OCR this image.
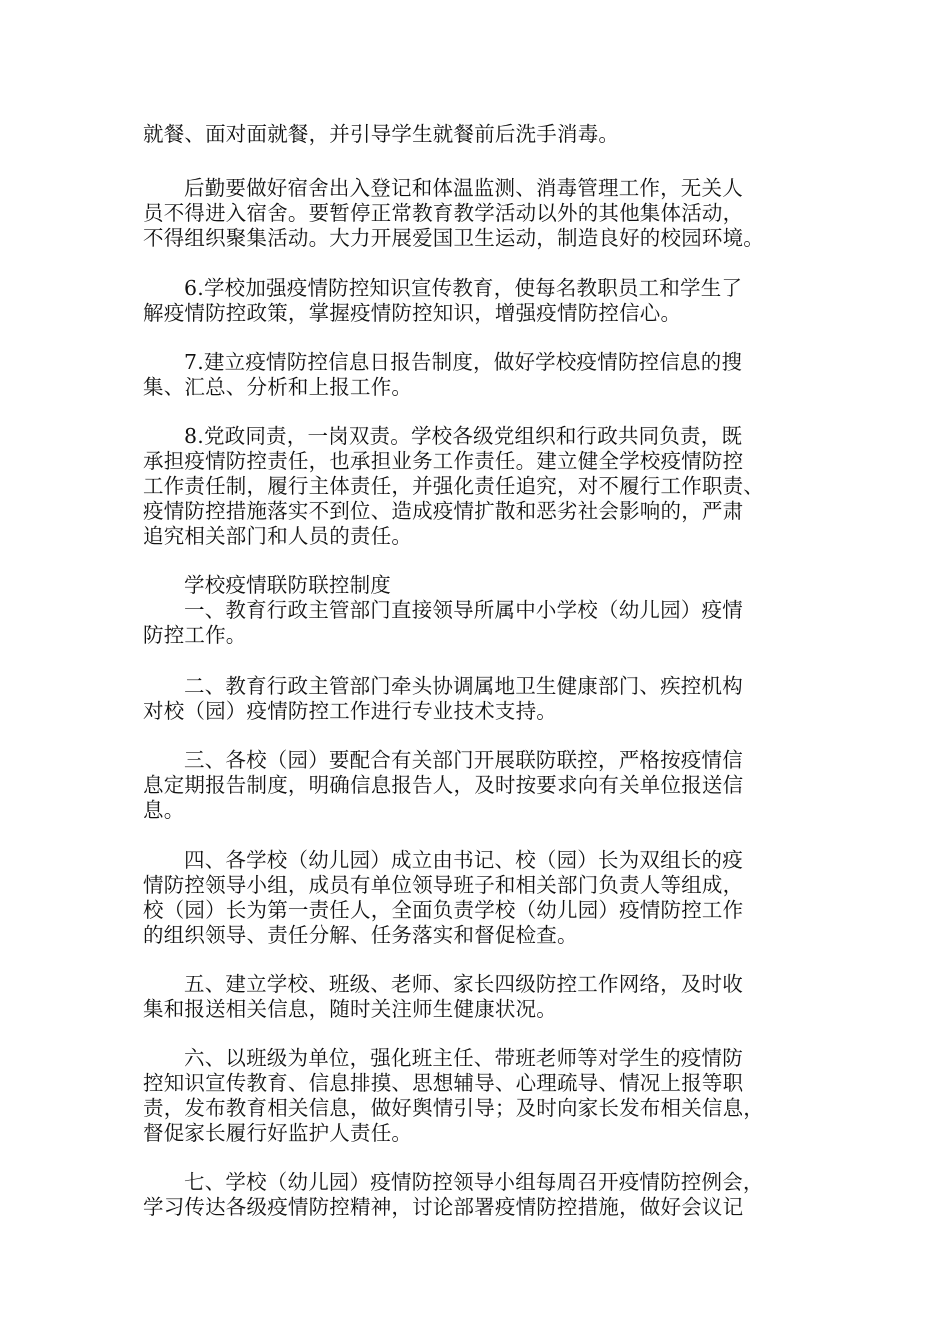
就餐、面对面就餐，并引导学生就餐前后洗手消毒。
后勤要做好宿舍出入登记和体温监测、消毒管理工作，无关人
员不得进入宿舍。要暂停正常教育教学活动以外的其他集体活动，
不得组织聚集活动。大力开展爱国卫生运动，制造良好的校园环境。
6.学校加强疫情防控知识宣传教育，使每名教职员工和学生了
解疫情防控政策，掌握疫情防控知识，增强疫情防控信心。
7.建立疫情防控信息日报告制度，做好学校疫情防控信息的搜
集、汇总、分析和上报工作。
8.党政同责，一岗双责。学校各级党组织和行政共同负责，既
承担疫情防控责任，也承担业务工作责任。建立健全学校疫情防控
工作责任制，履行主体责任，并强化责任追究，对不履行工作职责、
疫情防控措施落实不到位、造成疫情扩散和恶劣社会影响的，严肃
追究相关部门和人员的责任。
学校疫情联防联控制度
一、教育行政主管部门直接领导所属中小学校（幼儿园）疫情
防控工作。
二、教育行政主管部门牵头协调属地卫生健康部门、疾控机构
对校（园）疫情防控工作进行专业技术支持。
三、各校（园）要配合有关部门开展联防联控，严格按疫情信
息定期报告制度，明确信息报告人，及时按要求向有关单位报送信
息。
四、各学校（幼儿园）成立由书记、校（园）长为双组长的疫
情防控领导小组，成员有单位领导班子和相关部门负责人等组成，
校（园）长为第一责任人，全面负责学校（幼儿园）疫情防控工作
的组织领导、责任分解、任务落实和督促检查。
五、建立学校、班级、老师、家长四级防控工作网络，及时收
集和报送相关信息，随时关注师生健康状况。
六、以班级为单位，强化班主任、带班老师等对学生的疫情防
控知识宣传教育、信息排摸、思想辅导、心理疏导、情况上报等职
责，发布教育相关信息，做好舆情引导；及时向家长发布相关信息，
督促家长履行好监护人责任。
七、学校（幼儿园）疫情防控领导小组每周召开疫情防控例会，
学习传达各级疫情防控精神，讨论部署疫情防控措施，做好会议记
